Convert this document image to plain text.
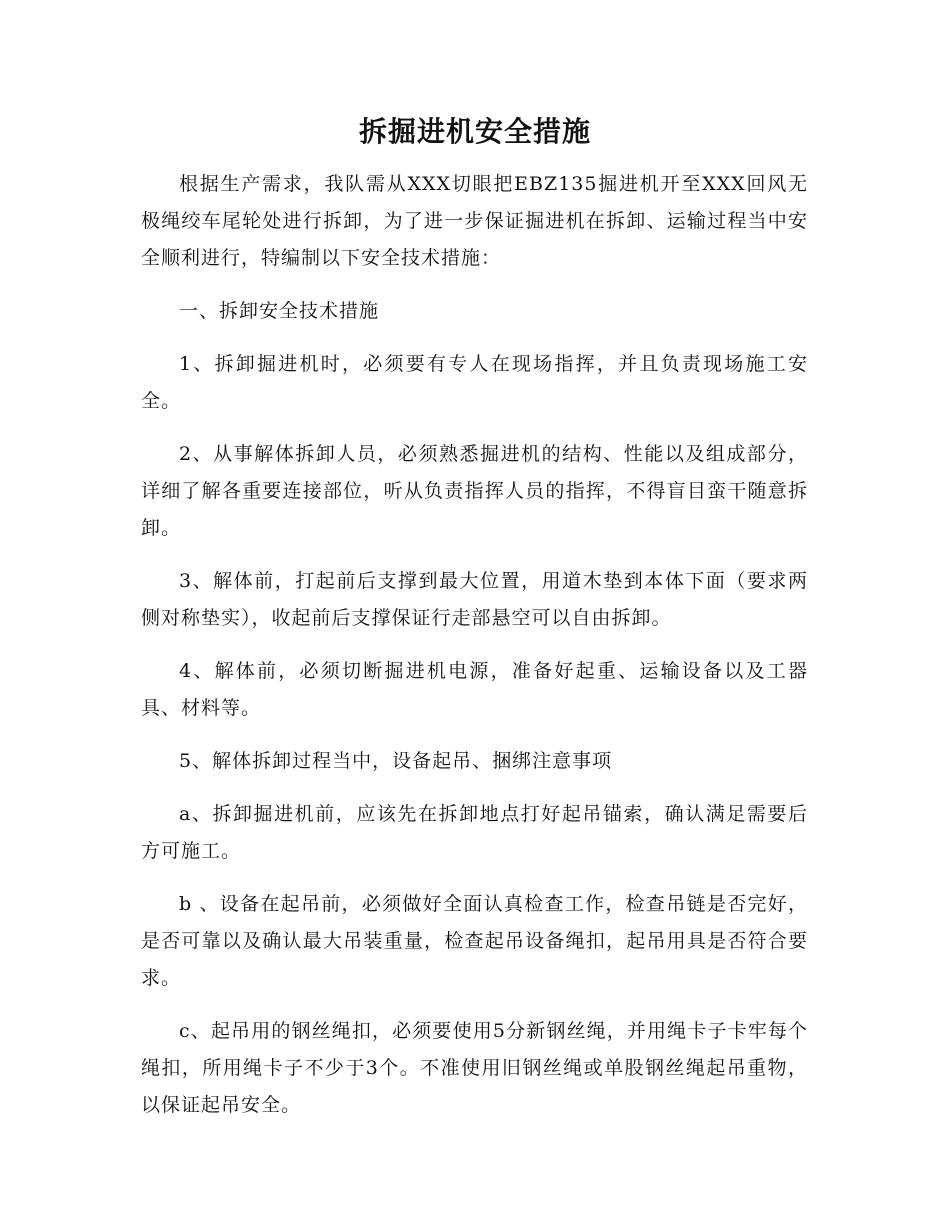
拆掘进机安全措施

根据生产需求，我队需从XXX切眼把EBZ135掘进机开至XXX回风无极绳绞车尾轮处进行拆卸，为了进一步保证掘进机在拆卸、运输过程当中安全顺利进行，特编制以下安全技术措施：

一、拆卸安全技术措施

1、拆卸掘进机时，必须要有专人在现场指挥，并且负责现场施工安全。

2、从事解体拆卸人员，必须熟悉掘进机的结构、性能以及组成部分，详细了解各重要连接部位，听从负责指挥人员的指挥，不得盲目蛮干随意拆卸。

3、解体前，打起前后支撑到最大位置，用道木垫到本体下面（要求两侧对称垫实），收起前后支撑保证行走部悬空可以自由拆卸。

4、解体前，必须切断掘进机电源，准备好起重、运输设备以及工器具、材料等。

5、解体拆卸过程当中，设备起吊、捆绑注意事项

a、拆卸掘进机前，应该先在拆卸地点打好起吊锚索，确认满足需要后方可施工。

b 、设备在起吊前，必须做好全面认真检查工作，检查吊链是否完好，是否可靠以及确认最大吊装重量，检查起吊设备绳扣，起吊用具是否符合要求。

c、起吊用的钢丝绳扣，必须要使用5分新钢丝绳，并用绳卡子卡牢每个绳扣，所用绳卡子不少于3个。不准使用旧钢丝绳或单股钢丝绳起吊重物，以保证起吊安全。
